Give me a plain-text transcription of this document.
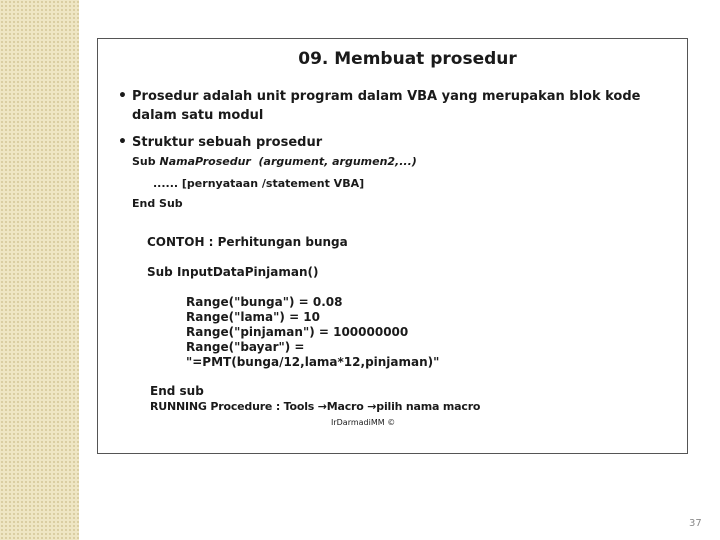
09. Membuat prosedur
• Prosedur adalah unit program dalam VBA yang merupakan blok kode
dalam satu modul
• Struktur sebuah prosedur
Sub NamaProsedur  (argument, argumen2,...)
...... [pernyataan /statement VBA]
End Sub
CONTOH : Perhitungan bunga
Sub InputDataPinjaman()
Range("bunga") = 0.08
Range("lama") = 10
Range("pinjaman") = 100000000
Range("bayar") =
"=PMT(bunga/12,lama*12,pinjaman)"
End sub
RUNNING Procedure : Tools →Macro →pilih nama macro
IrDarmadiMM ©
37
